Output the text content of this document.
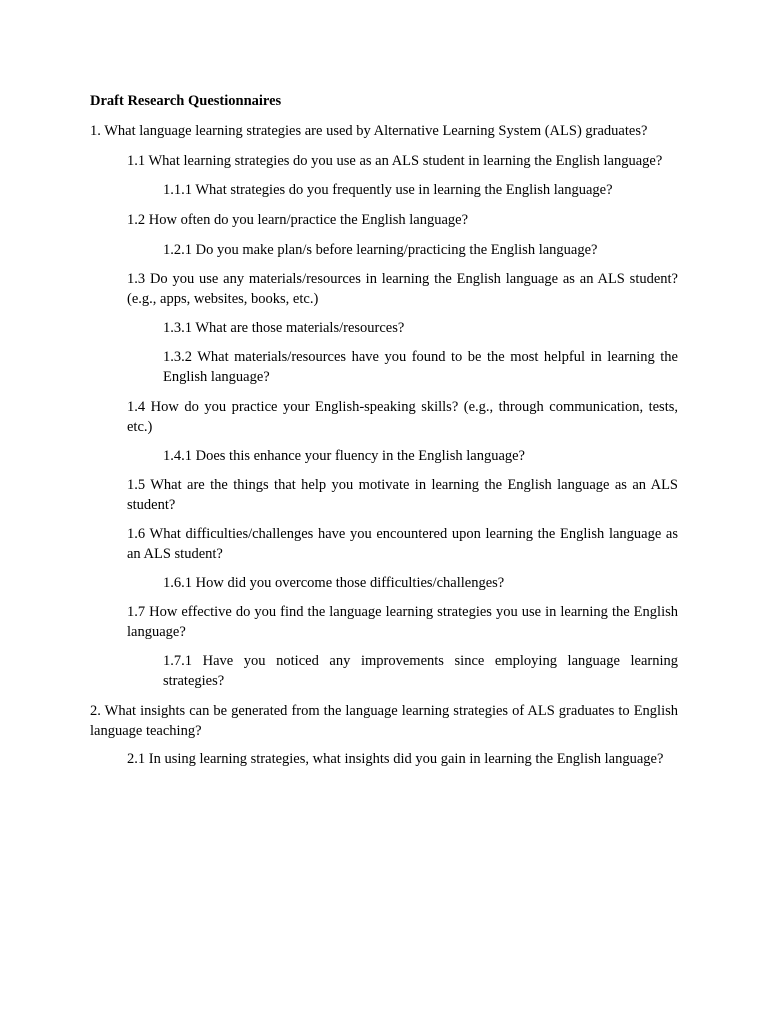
Draft Research Questionnaires

1. What language learning strategies are used by Alternative Learning System (ALS) graduates?

1.1 What learning strategies do you use as an ALS student in learning the English language?

1.1.1 What strategies do you frequently use in learning the English language?

1.2 How often do you learn/practice the English language?

1.2.1 Do you make plan/s before learning/practicing the English language?

1.3 Do you use any materials/resources in learning the English language as an ALS student? (e.g., apps, websites, books, etc.)

1.3.1 What are those materials/resources?

1.3.2 What materials/resources have you found to be the most helpful in learning the English language?

1.4 How do you practice your English-speaking skills? (e.g., through communication, tests, etc.)

1.4.1 Does this enhance your fluency in the English language?

1.5 What are the things that help you motivate in learning the English language as an ALS student?

1.6 What difficulties/challenges have you encountered upon learning the English language as an ALS student?

1.6.1 How did you overcome those difficulties/challenges?

1.7 How effective do you find the language learning strategies you use in learning the English language?

1.7.1 Have you noticed any improvements since employing language learning strategies?

2. What insights can be generated from the language learning strategies of ALS graduates to English language teaching?

2.1 In using learning strategies, what insights did you gain in learning the English language?
